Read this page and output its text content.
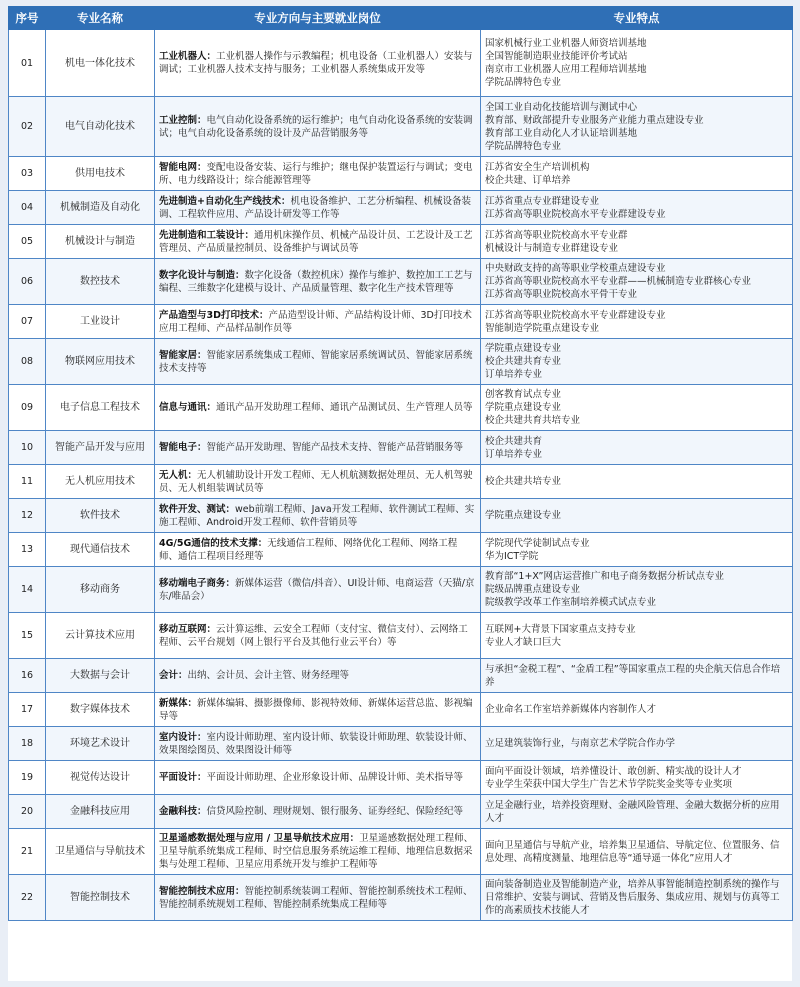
序号	专业名称	专业方向与主要就业岗位	专业特点
01	机电一体化技术	工业机器人：工业机器人操作与示教编程；机电设备（工业机器人）安装与调试；工业机器人技术支持与服务；工业机器人系统集成开发等	国家机械行业工业机器人师资培训基地
全国智能制造职业技能评价考试站
南京市工业机器人应用工程师培训基地
学院品牌特色专业

02	电气自动化技术	工业控制：电气自动化设备系统的运行维护；电气自动化设备系统的安装调试；电气自动化设备系统的设计及产品营销服务等	全国工业自动化技能培训与测试中心
教育部、财政部提升专业服务产业能力重点建设专业
教育部工业自动化人才认证培训基地
学院品牌特色专业

03	供用电技术	智能电网：变配电设备安装、运行与维护；继电保护装置运行与调试；变电所、电力线路设计；综合能源管理等	江苏省安全生产培训机构
校企共建、订单培养

04	机械制造及自动化	先进制造+自动化生产线技术：机电设备维护、工艺分析编程、机械设备装调、工程软件应用、产品设计研发等工作等	江苏省重点专业群建设专业
江苏省高等职业院校高水平专业群建设专业

05	机械设计与制造	先进制造和工装设计：通用机床操作员、机械产品设计员、工艺设计及工艺管理员、产品质量控制员、设备维护与调试员等	江苏省高等职业院校高水平专业群
机械设计与制造专业群建设专业

06	数控技术	数字化设计与制造：数字化设备（数控机床）操作与维护、数控加工工艺与编程、三维数字化建模与设计、产品质量管理、数字化生产技术管理等	中央财政支持的高等职业学校重点建设专业
江苏省高等职业院校高水平专业群——机械制造专业群核心专业
江苏省高等职业院校高水平骨干专业

07	工业设计	产品造型与3D打印技术：产品造型设计师、产品结构设计师、3D打印技术应用工程师、产品样品制作员等	江苏省高等职业院校高水平专业群建设专业
智能制造学院重点建设专业

08	物联网应用技术	智能家居：智能家居系统集成工程师、智能家居系统调试员、智能家居系统技术支持等	学院重点建设专业
校企共建共育专业
订单培养专业

09	电子信息工程技术	信息与通讯：通讯产品开发助理工程师、通讯产品测试员、生产管理人员等	创客教育试点专业
学院重点建设专业
校企共建共育共培专业

10	智能产品开发与应用	智能电子：智能产品开发助理、智能产品技术支持、智能产品营销服务等	校企共建共育
订单培养专业

11	无人机应用技术	无人机：无人机辅助设计开发工程师、无人机航测数据处理员、无人机驾驶员、无人机组装调试员等	校企共建共培专业
12	软件技术	软件开发、测试：web前端工程师、Java开发工程师、软件测试工程师、实施工程师、Android开发工程师、软件营销员等	学院重点建设专业
13	现代通信技术	4G/5G通信的技术支撑：无线通信工程师、网络优化工程师、网络工程师、通信工程项目经理等	学院现代学徒制试点专业
华为ICT学院

14	移动商务	移动端电子商务：新媒体运营（微信/抖音）、UI设计师、电商运营（天猫/京东/唯品会）	教育部“1+X”网店运营推广和电子商务数据分析试点专业
院级品牌重点建设专业
院级教学改革工作室制培养模式试点专业

15	云计算技术应用	移动互联网：云计算运维、云安全工程师（支付宝、微信支付）、云网络工程师、云平台规划（网上银行平台及其他行业云平台）等	互联网+大背景下国家重点支持专业
专业人才缺口巨大

16	大数据与会计	会计：出纳、会计员、会计主管、财务经理等	与承担“金税工程”、“金盾工程”等国家重点工程的央企航天信息合作培养
17	数字媒体技术	新媒体：新媒体编辑、摄影摄像师、影视特效师、新媒体运营总监、影视编导等	企业命名工作室培养新媒体内容制作人才
18	环境艺术设计	室内设计：室内设计师助理、室内设计师、软装设计师助理、软装设计师、效果图绘图员、效果图设计师等	立足建筑装饰行业，与南京艺术学院合作办学
19	视觉传达设计	平面设计：平面设计师助理、企业形象设计师、品牌设计师、美术指导等	面向平面设计领域，培养懂设计、敢创新、精实战的设计人才
专业学生荣获中国大学生广告艺术节学院奖金奖等专业奖项

20	金融科技应用	金融科技：信贷风险控制、理财规划、银行服务、证券经纪、保险经纪等	立足金融行业，培养投资理财、金融风险管理、金融大数据分析的应用人才
21	卫星通信与导航技术	卫星遥感数据处理与应用 / 卫星导航技术应用：卫星遥感数据处理工程师、卫星导航系统集成工程师、时空信息服务系统运维工程师、地理信息数据采集与处理工程师、卫星应用系统开发与维护工程师等	面向卫星通信与导航产业，培养集卫星通信、导航定位、位置服务、信息处理、高精度测量、地理信息等“通导遥一体化”应用人才
22	智能控制技术	智能控制技术应用：智能控制系统装调工程师、智能控制系统技术工程师、智能控制系统规划工程师、智能控制系统集成工程师等	面向装备制造业及智能制造产业，培养从事智能制造控制系统的操作与日常维护、安装与调试、营销及售后服务、集成应用、规划与仿真等工作的高素质技术技能人才
